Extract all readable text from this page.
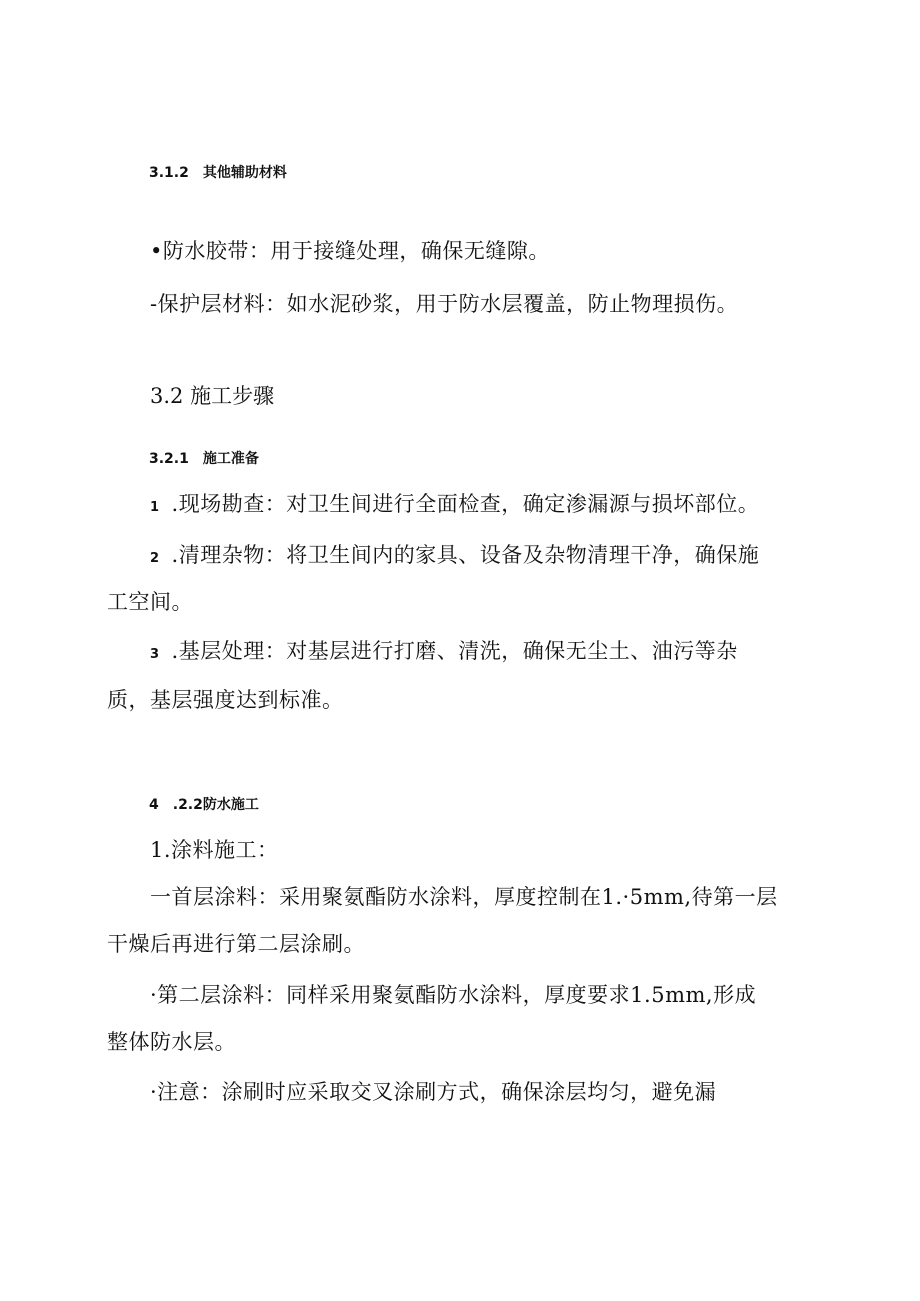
3.1.2 其他辅助材料
•防水胶带：用于接缝处理，确保无缝隙。
-保护层材料：如水泥砂浆，用于防水层覆盖，防止物理损伤。
3.2 施工步骤
3.2.1 施工准备
1 .现场勘查：对卫生间进行全面检查，确定渗漏源与损坏部位。
2 .清理杂物：将卫生间内的家具、设备及杂物清理干净，确保施
工空间。
3 .基层处理：对基层进行打磨、清洗，确保无尘土、油污等杂
质，基层强度达到标准。
4 .2.2防水施工
1.涂料施工：
一首层涂料：采用聚氨酯防水涂料，厚度控制在1.·5mm,待第一层
干燥后再进行第二层涂刷。
·第二层涂料：同样采用聚氨酯防水涂料，厚度要求1.5mm,形成
整体防水层。
·注意：涂刷时应采取交叉涂刷方式，确保涂层均匀，避免漏
